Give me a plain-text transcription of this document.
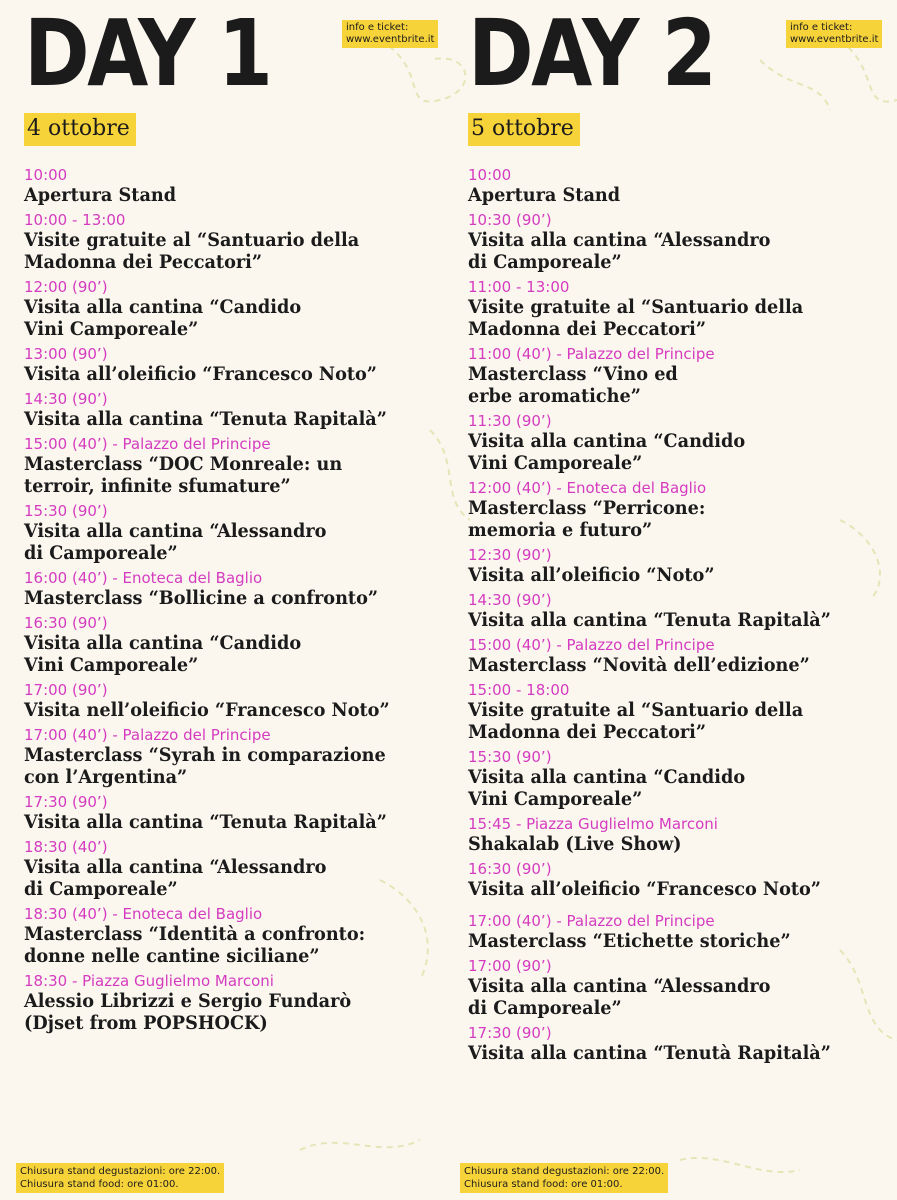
DAY 1	info e ticket:
www.eventbrite.it
4 ottobre
10:00
Apertura Stand
10:00 - 13:00
Visite gratuite al “Santuario della
Madonna dei Peccatori”
12:00 (90’)
Visita alla cantina “Candido
Vini Camporeale”
13:00 (90’)
Visita all’oleificio “Francesco Noto”
14:30 (90’)
Visita alla cantina “Tenuta Rapitalà”
15:00 (40’) - Palazzo del Principe
Masterclass “DOC Monreale: un
terroir, infinite sfumature”
15:30 (90’)
Visita alla cantina “Alessandro
di Camporeale”
16:00 (40’) - Enoteca del Baglio
Masterclass “Bollicine a confronto”
16:30 (90’)
Visita alla cantina “Candido
Vini Camporeale”
17:00 (90’)
Visita nell’oleificio “Francesco Noto”
17:00 (40’) - Palazzo del Principe
Masterclass “Syrah in comparazione
con l’Argentina”
17:30 (90’)
Visita alla cantina “Tenuta Rapitalà”
18:30 (40’)
Visita alla cantina “Alessandro
di Camporeale”
18:30 (40’) - Enoteca del Baglio
Masterclass “Identità a confronto:
donne nelle cantine siciliane”
18:30 - Piazza Guglielmo Marconi
Alessio Librizzi e Sergio Fundarò
(Djset from POPSHOCK)
Chiusura stand degustazioni: ore 22:00.
Chiusura stand food: ore 01:00.
DAY 2	info e ticket:
www.eventbrite.it
5 ottobre
10:00
Apertura Stand
10:30 (90’)
Visita alla cantina “Alessandro
di Camporeale”
11:00 - 13:00
Visite gratuite al “Santuario della
Madonna dei Peccatori”
11:00 (40’) - Palazzo del Principe
Masterclass “Vino ed
erbe aromatiche”
11:30 (90’)
Visita alla cantina “Candido
Vini Camporeale”
12:00 (40’) - Enoteca del Baglio
Masterclass “Perricone:
memoria e futuro”
12:30 (90’)
Visita all’oleificio “Noto”
14:30 (90’)
Visita alla cantina “Tenuta Rapitalà”
15:00 (40’) - Palazzo del Principe
Masterclass “Novità dell’edizione”
15:00 - 18:00
Visite gratuite al “Santuario della
Madonna dei Peccatori”
15:30 (90’)
Visita alla cantina “Candido
Vini Camporeale”
15:45 - Piazza Guglielmo Marconi
Shakalab (Live Show)
16:30 (90’)
Visita all’oleificio “Francesco Noto”
17:00 (40’) - Palazzo del Principe
Masterclass “Etichette storiche”
17:00 (90’)
Visita alla cantina “Alessandro
di Camporeale”
17:30 (90’)
Visita alla cantina “Tenutà Rapitalà”
Chiusura stand degustazioni: ore 22:00.
Chiusura stand food: ore 01:00.
